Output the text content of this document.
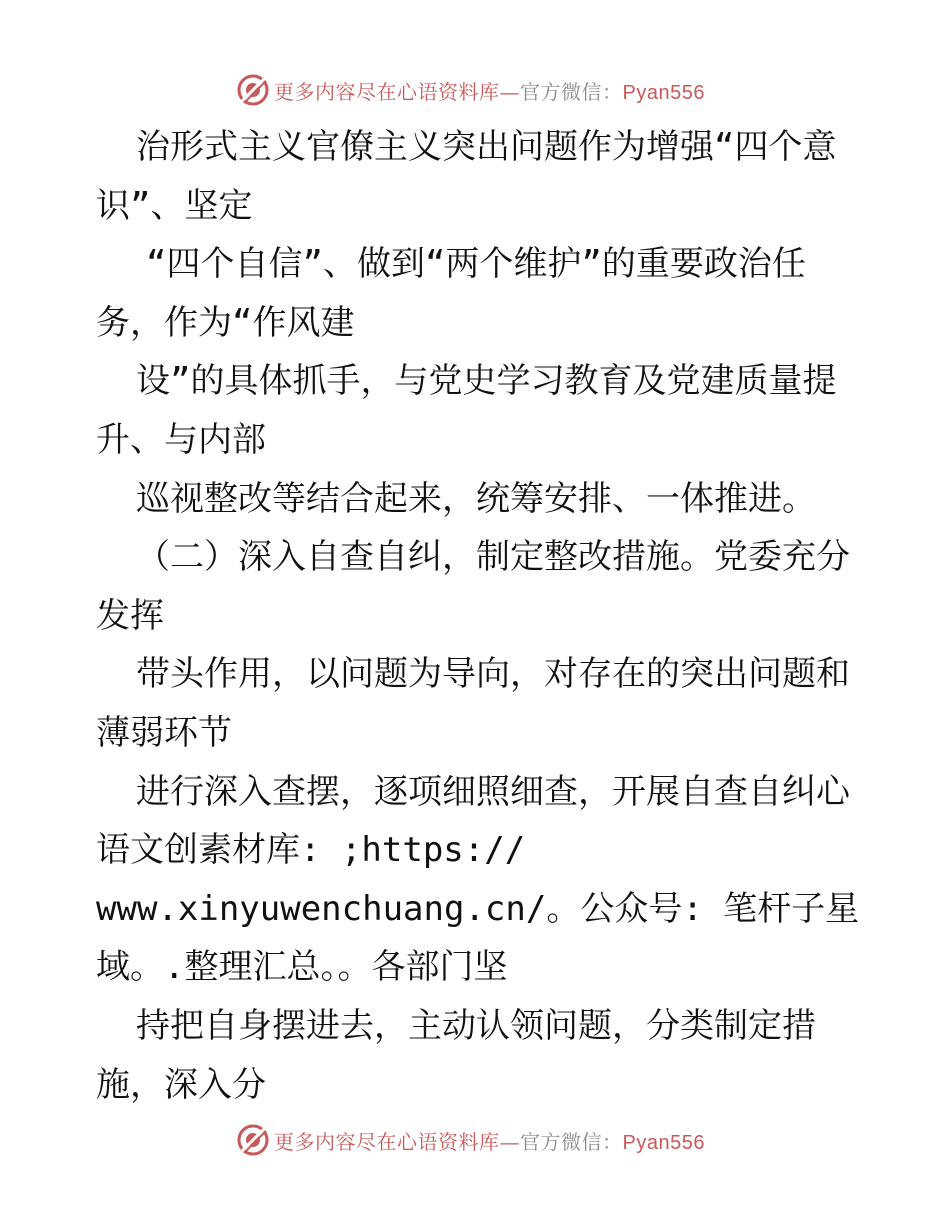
更多内容尽在心语资料库—官方微信：Pyan556
治形式主义官僚主义突出问题作为增强“四个意
识”、坚定
“四个自信”、做到“两个维护”的重要政治任
务，作为“作风建
设”的具体抓手，与党史学习教育及党建质量提
升、与内部
巡视整改等结合起来，统筹安排、一体推进。
（二）深入自查自纠，制定整改措施。党委充分
发挥
带头作用，以问题为导向，对存在的突出问题和
薄弱环节
进行深入查摆，逐项细照细查，开展自查自纠心
语文创素材库: ;https://
www.xinyuwenchuang.cn/。公众号: 笔杆子星
域。.整理汇总。。各部门坚
持把自身摆进去，主动认领问题，分类制定措
施，深入分
更多内容尽在心语资料库—官方微信：Pyan556
